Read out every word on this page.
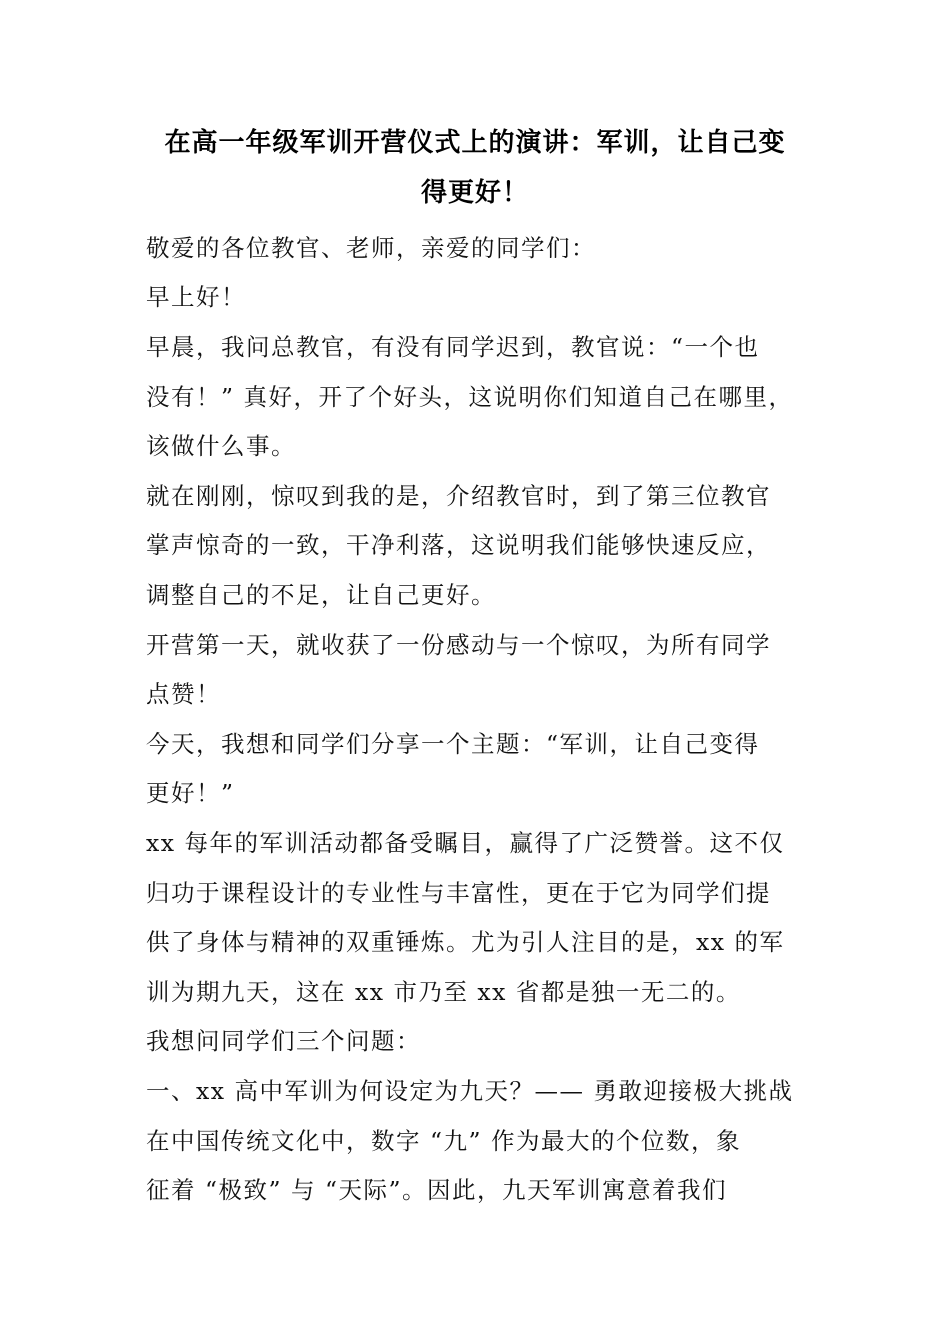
在高一年级军训开营仪式上的演讲：军训，让自己变
得更好！
敬爱的各位教官、老师，亲爱的同学们：
早上好！
早晨，我问总教官，有没有同学迟到，教官说：“一个也
没有！” 真好，开了个好头，这说明你们知道自己在哪里，
该做什么事。
就在刚刚，惊叹到我的是，介绍教官时，到了第三位教官
掌声惊奇的一致，干净利落，这说明我们能够快速反应，
调整自己的不足，让自己更好。
开营第一天，就收获了一份感动与一个惊叹，为所有同学
点赞！
今天，我想和同学们分享一个主题：“军训，让自己变得
更好！”
xx 每年的军训活动都备受瞩目，赢得了广泛赞誉。这不仅
归功于课程设计的专业性与丰富性，更在于它为同学们提
供了身体与精神的双重锤炼。尤为引人注目的是，xx 的军
训为期九天，这在 xx 市乃至 xx 省都是独一无二的。
我想问同学们三个问题：
一、xx 高中军训为何设定为九天？—— 勇敢迎接极大挑战
在中国传统文化中，数字 “九” 作为最大的个位数，象
征着 “极致” 与 “天际”。因此，九天军训寓意着我们
